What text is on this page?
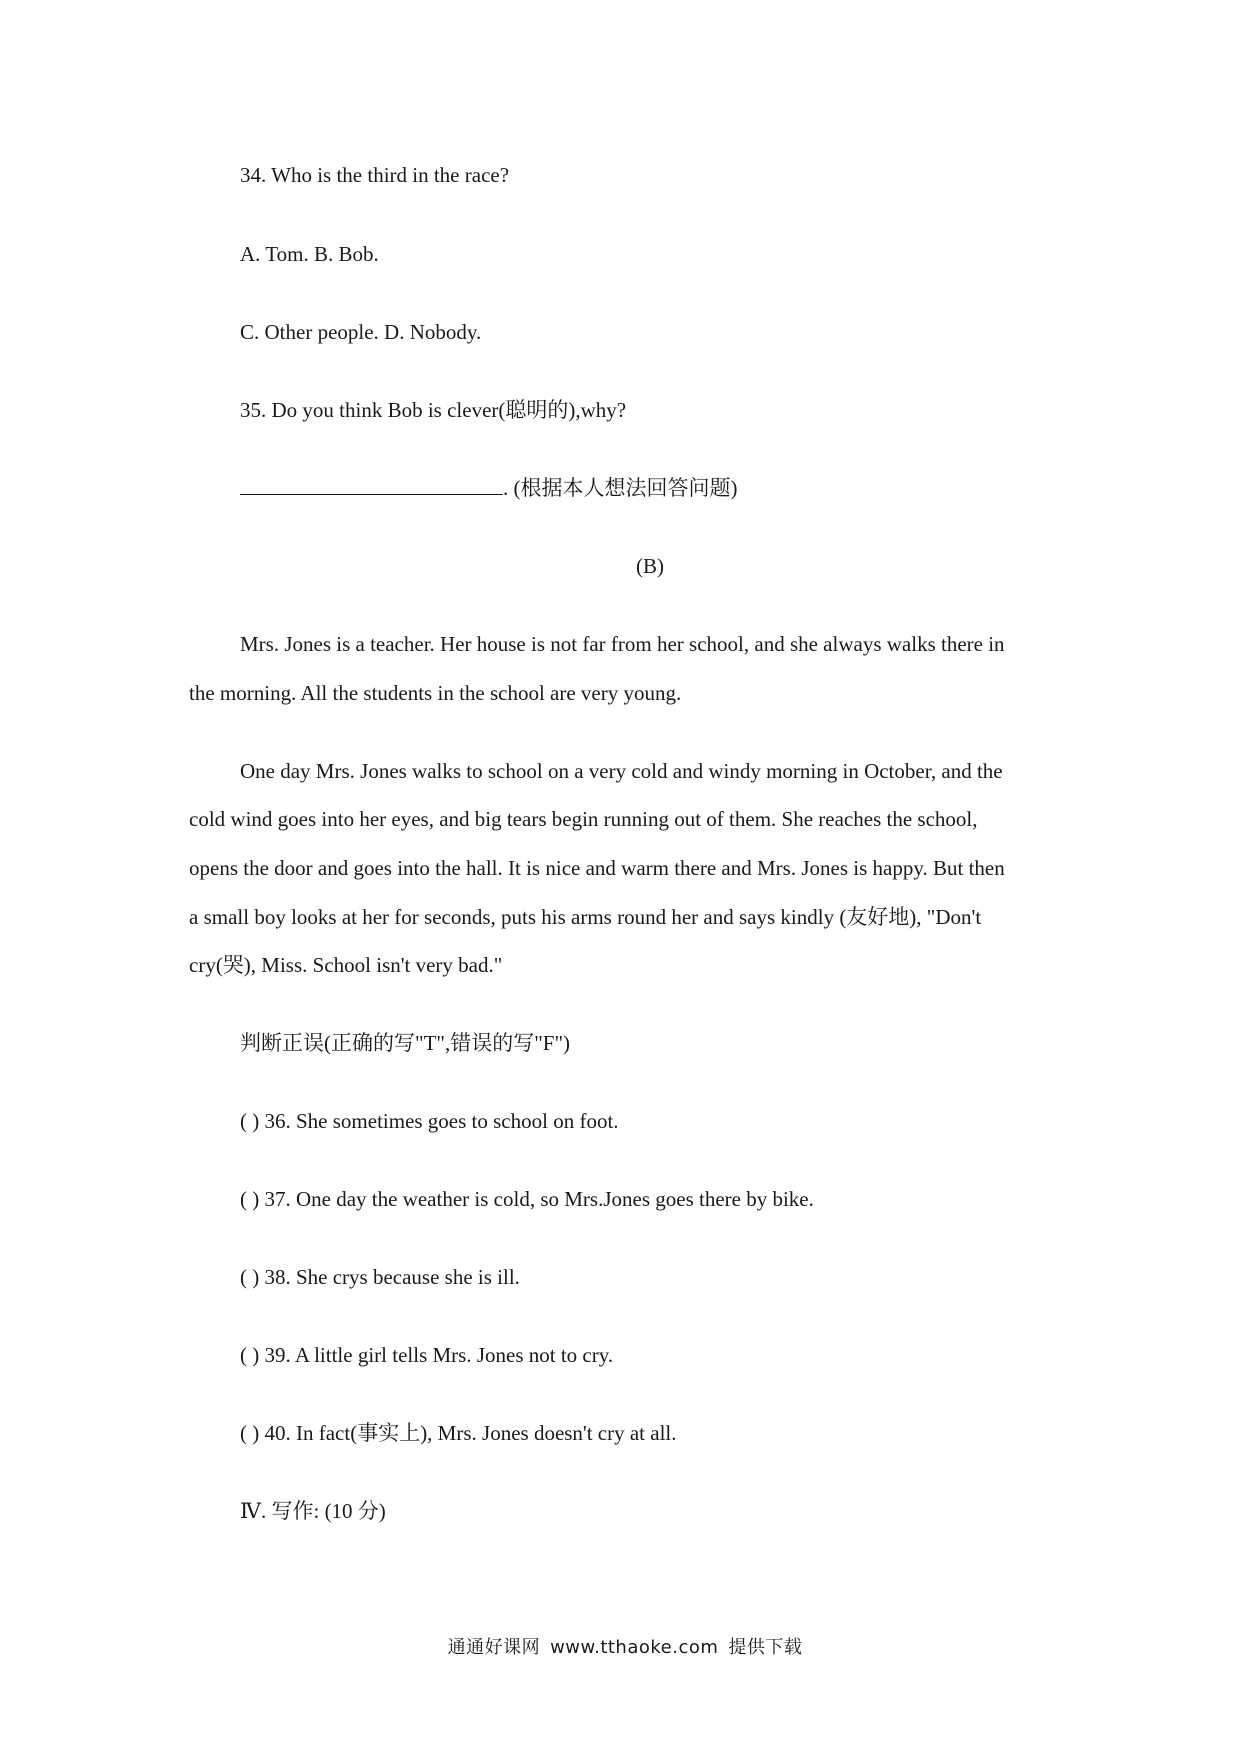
34. Who is the third in the race?
A. Tom. B. Bob.
C. Other people. D. Nobody.
35. Do you think Bob is clever(聪明的),why?
. (根据本人想法回答问题)
(B)
Mrs. Jones is a teacher. Her house is not far from her school, and she always walks there in
the morning. All the students in the school are very young.
One day Mrs. Jones walks to school on a very cold and windy morning in October, and the
cold wind goes into her eyes, and big tears begin running out of them. She reaches the school,
opens the door and goes into the hall. It is nice and warm there and Mrs. Jones is happy. But then
a small boy looks at her for seconds, puts his arms round her and says kindly (友好地), "Don't
cry(哭), Miss. School isn't very bad."
判断正误(正确的写"T",错误的写"F")
( ) 36. She sometimes goes to school on foot.
( ) 37. One day the weather is cold, so Mrs.Jones goes there by bike.
( ) 38. She crys because she is ill.
( ) 39. A little girl tells Mrs. Jones not to cry.
( ) 40. In fact(事实上), Mrs. Jones doesn't cry at all.
Ⅳ. 写作: (10 分)
通通好课网 www.tthaoke.com 提供下载
